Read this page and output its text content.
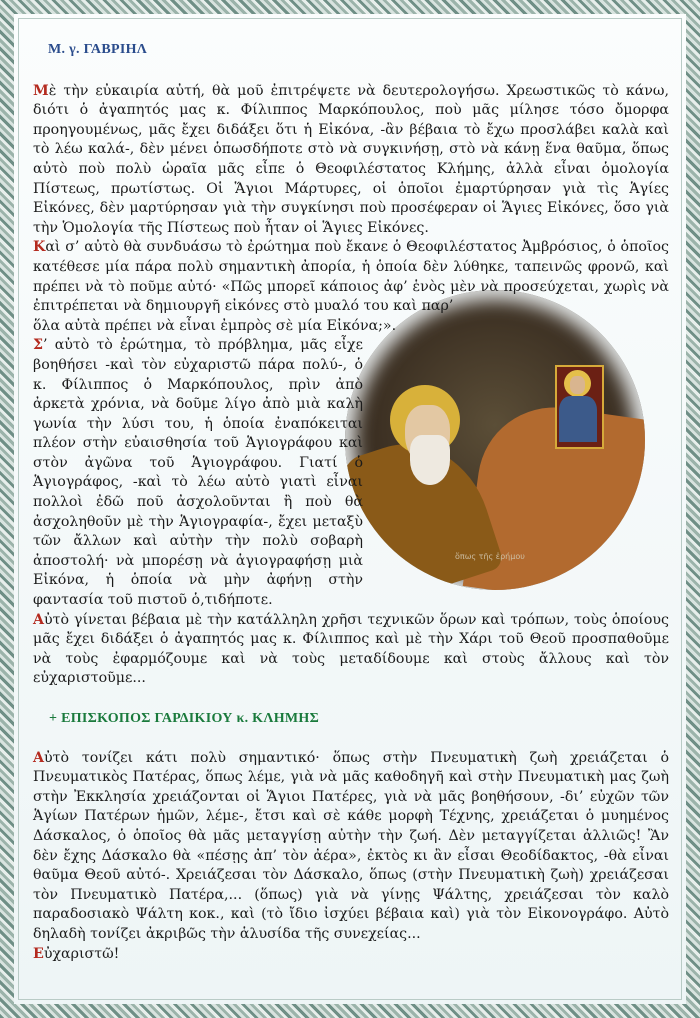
ὅπως τῆς ἐρήμου
Μ. γ. ΓΑΒΡΙΗΛ

Μὲ τὴν εὐκαιρία αὐτή, θὰ μοῦ ἐπιτρέψετε νὰ δευτερολογήσω. Χρεωστικῶς τὸ κάνω, διότι ὁ ἀγαπητός μας κ. Φίλιππος Μαρκόπουλος, ποὺ μᾶς μίλησε τόσο ὄμορφα προηγουμένως, μᾶς ἔχει διδάξει ὅτι ἡ Εἰκόνα, -ἂν βέβαια τὸ ἔχω προσλάβει καλὰ καὶ τὸ λέω καλά-, δὲν μένει ὁπωσδήποτε στὸ νὰ συγκινήσῃ, στὸ νὰ κάνῃ ἕνα θαῦμα, ὅπως αὐτὸ ποὺ πολὺ ὡραῖα μᾶς εἶπε ὁ Θεοφιλέστατος Κλήμης, ἀλλὰ εἶναι ὁμολογία Πίστεως, πρωτίστως. Οἱ Ἅγιοι Μάρτυρες, οἱ ὁποῖοι ἐμαρτύρησαν γιὰ τὶς Ἁγίες Εἰκόνες, δὲν μαρτύρησαν γιὰ τὴν συγκίνησι ποὺ προσέφεραν οἱ Ἅγιες Εἰκόνες, ὅσο γιὰ τὴν Ὁμολογία τῆς Πίστεως ποὺ ἦταν οἱ Ἅγιες Εἰκόνες.

Καὶ σ’ αὐτὸ θὰ συνδυάσω τὸ ἐρώτημα ποὺ ἔκανε ὁ Θεοφιλέστατος Ἀμβρόσιος, ὁ ὁποῖος κατέθεσε μία πάρα πολὺ σημαντικὴ ἀπορία, ἡ ὁποία δὲν λύθηκε, ταπεινῶς φρονῶ, καὶ πρέπει νὰ τὸ ποῦμε αὐτό· «Πῶς μπορεῖ κάποιος ἀφ’ ἑνὸς μὲν νὰ προσεύχεται, χωρὶς νὰ ἐπιτρέπεται νὰ δημιουργῆ εἰκόνες στὸ μυαλό του καὶ παρ’

ὅλα αὐτὰ πρέπει νὰ εἶναι ἐμπρὸς σὲ μία Εἰκόνα;».

Σ’ αὐτὸ τὸ ἐρώτημα, τὸ πρόβλημα, μᾶς εἶχε βοηθήσει -καὶ τὸν εὐχαριστῶ πάρα πολύ-, ὁ κ. Φίλιππος ὁ Μαρκόπουλος, πρὶν ἀπὸ ἀρκετὰ χρόνια, νὰ δοῦμε λίγο ἀπὸ μιὰ καλὴ γωνία τὴν λύσι του, ἡ ὁποία ἐναπόκειται πλέον στὴν εὐαισθησία τοῦ Ἁγιογράφου καὶ στὸν ἀγῶνα τοῦ Ἁγιογράφου. Γιατί ὁ Ἁγιογράφος, -καὶ τὸ λέω αὐτὸ γιατὶ εἶναι πολλοὶ ἐδῶ ποῦ ἀσχολοῦνται ἢ ποὺ θὰ ἀσχοληθοῦν μὲ τὴν Ἁγιογραφία-, ἔχει μεταξὺ τῶν ἄλλων καὶ αὐτὴν τὴν πολὺ σοβαρὴ ἀποστολή· νὰ μπορέσῃ νὰ ἁγιογραφήσῃ μιὰ Εἰκόνα, ἡ ὁποία νὰ μὴν ἀφήνῃ στὴν φαντασία τοῦ πιστοῦ ὁ,τιδήποτε.

Αὐτὸ γίνεται βέβαια μὲ τὴν κατάλληλη χρῆσι τεχνικῶν ὅρων καὶ τρόπων, τοὺς ὁποίους μᾶς ἔχει διδάξει ὁ ἀγαπητός μας κ. Φίλιππος καὶ μὲ τὴν Χάρι τοῦ Θεοῦ προσπαθοῦμε νὰ τοὺς ἐφαρμόζουμε καὶ νὰ τοὺς μεταδίδουμε καὶ στοὺς ἄλλους καὶ τὸν εὐχαριστοῦμε...

+ ΕΠΙΣΚΟΠΟΣ ΓΑΡΔΙΚΙΟΥ κ. ΚΛΗΜΗΣ

Αὐτὸ τονίζει κάτι πολὺ σημαντικό· ὅπως στὴν Πνευματικὴ ζωὴ χρειάζεται ὁ Πνευματικὸς Πατέρας, ὅπως λέμε, γιὰ νὰ μᾶς καθοδηγῆ καὶ στὴν Πνευματικὴ μας ζωὴ στὴν Ἐκκλησία χρειάζονται οἱ Ἅγιοι Πατέρες, γιὰ νὰ μᾶς βοηθήσουν, -δι’ εὐχῶν τῶν Ἁγίων Πατέρων ἡμῶν, λέμε-, ἔτσι καὶ σὲ κάθε μορφὴ Τέχνης, χρειάζεται ὁ μυημένος Δάσκαλος, ὁ ὁποῖος θὰ μᾶς μεταγγίσῃ αὐτὴν τὴν ζωή. Δὲν μεταγγίζεται ἀλλιῶς! Ἂν δὲν ἔχης Δάσκαλο θὰ «πέσῃς ἀπ’ τὸν ἀέρα», ἐκτὸς κι ἂν εἶσαι Θεοδίδακτος, -θὰ εἶναι θαῦμα Θεοῦ αὐτό-. Χρειάζεσαι τὸν Δάσκαλο, ὅπως (στὴν Πνευματικὴ ζωὴ) χρειάζεσαι τὸν Πνευματικὸ Πατέρα,... (ὅπως) γιὰ νὰ γίνῃς Ψάλτης, χρειάζεσαι τὸν καλὸ παραδοσιακὸ Ψάλτη κοκ., καὶ (τὸ ἴδιο ἰσχύει βέβαια καὶ) γιὰ τὸν Εἰκονογράφο. Αὐτὸ δηλαδὴ τονίζει ἀκριβῶς τὴν ἁλυσίδα τῆς συνεχείας...

Εὐχαριστῶ!
